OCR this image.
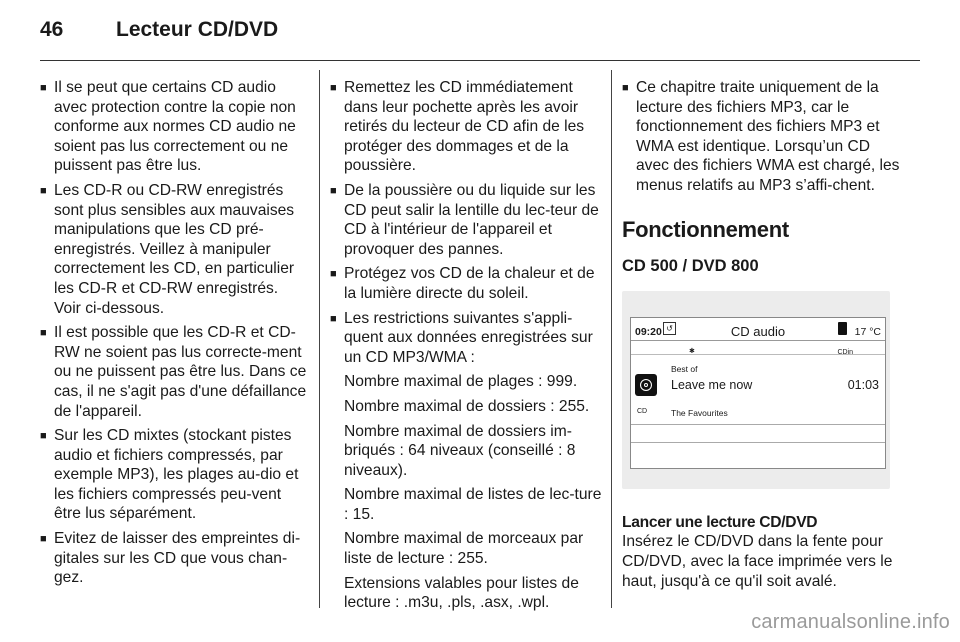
46	Lecteur CD/DVD
■ Il se peut que certains CD audio avec protection contre la copie non conforme aux normes CD audio ne soient pas lus correctement ou ne puissent pas être lus.
■ Les CD-R ou CD-RW enregistrés sont plus sensibles aux mauvaises manipulations que les CD pré-enregistrés. Veillez à manipuler correctement les CD, en particulier les CD-R et CD-RW enregistrés. Voir ci-dessous.
■ Il est possible que les CD-R et CD-RW ne soient pas lus correcte-ment ou ne puissent pas être lus. Dans ce cas, il ne s'agit pas d'une défaillance de l'appareil.
■ Sur les CD mixtes (stockant pistes audio et fichiers compressés, par exemple MP3), les plages au-dio et les fichiers compressés peu-vent être lus séparément.
■ Evitez de laisser des empreintes di-gitales sur les CD que vous chan-gez.
■ Remettez les CD immédiatement dans leur pochette après les avoir retirés du lecteur de CD afin de les protéger des dommages et de la poussière.
■ De la poussière ou du liquide sur les CD peut salir la lentille du lec-teur de CD à l'intérieur de l'appareil et provoquer des pannes.
■ Protégez vos CD de la chaleur et de la lumière directe du soleil.
■ Les restrictions suivantes s'appli-quent aux données enregistrées sur un CD MP3/WMA :

Nombre maximal de plages : 999.

Nombre maximal de dossiers : 255.

Nombre maximal de dossiers im-briqués : 64 niveaux (conseillé : 8 niveaux).

Nombre maximal de listes de lec-ture : 15.

Nombre maximal de morceaux par liste de lecture : 255.

Extensions valables pour listes de lecture : .m3u, .pls, .asx, .wpl.

■ Ce chapitre traite uniquement de la lecture des fichiers MP3, car le fonctionnement des fichiers MP3 et WMA est identique. Lorsqu’un CD avec des fichiers WMA est chargé, les menus relatifs au MP3 s’affi-chent.
Fonctionnement
CD 500 / DVD 800
09:20 ↺	CD audio	17 °C
✱	CDin
Best of
Leave me now	01:03
CD	The Favourites
Lancer une lecture CD/DVD
Insérez le CD/DVD dans la fente pour CD/DVD, avec la face imprimée vers le haut, jusqu'à ce qu'il soit avalé.
carmanualsonline.info
